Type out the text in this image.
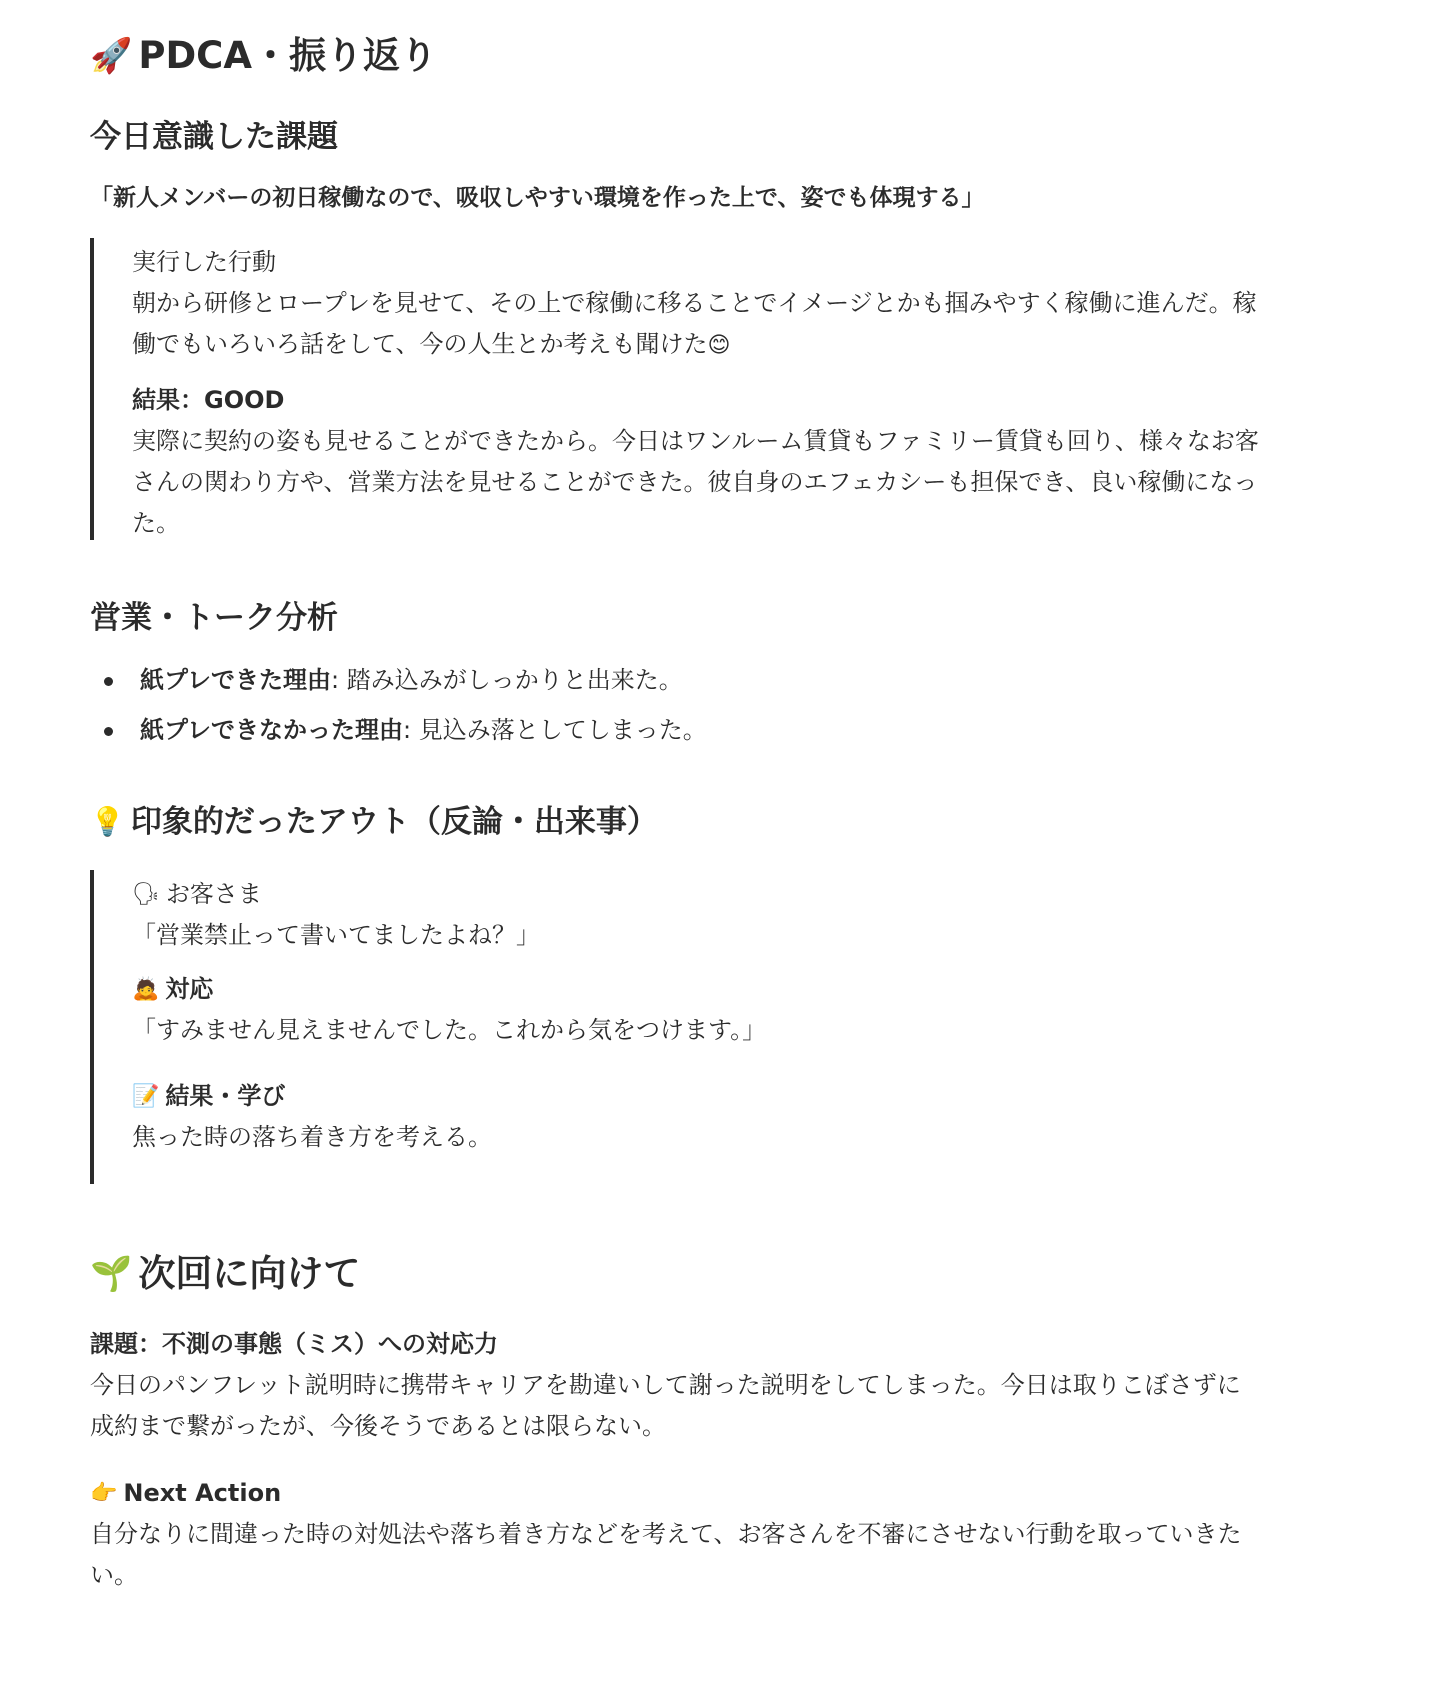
🚀 PDCA・振り返り
今日意識した課題

「新人メンバーの初日稼働なので、吸収しやすい環境を作った上で、姿でも体現する」

実行した行動

朝から研修とロープレを見せて、その上で稼働に移ることでイメージとかも掴みやすく稼働に進んだ。稼働でもいろいろ話をして、今の人生とか考えも聞けた😊

結果：GOOD

実際に契約の姿も見せることができたから。今日はワンルーム賃貸もファミリー賃貸も回り、様々なお客さんの関わり方や、営業方法を見せることができた。彼自身のエフェカシーも担保でき、良い稼働になった。

営業・トーク分析
紙プレできた理由: 踏み込みがしっかりと出来た。
紙プレできなかった理由: 見込み落としてしまった。
💡 印象的だったアウト（反論・出来事）
🗣 お客さま

「営業禁止って書いてましたよね？」

🙇 対応

「すみません見えませんでした。これから気をつけます。」

📝 結果・学び

焦った時の落ち着き方を考える。

🌱 次回に向けて

課題：不測の事態（ミス）への対応力

今日のパンフレット説明時に携帯キャリアを勘違いして謝った説明をしてしまった。今日は取りこぼさずに成約まで繋がったが、今後そうであるとは限らない。

👉 Next Action

自分なりに間違った時の対処法や落ち着き方などを考えて、お客さんを不審にさせない行動を取っていきたい。
